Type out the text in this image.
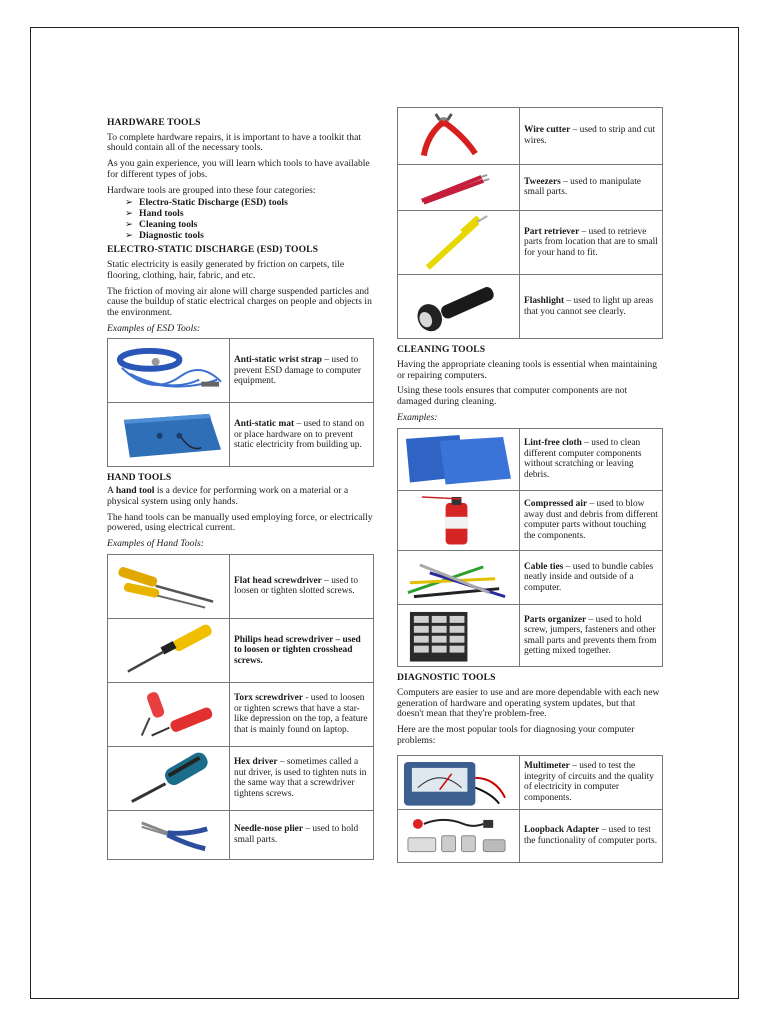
HARDWARE TOOLS

To complete hardware repairs, it is important to have a toolkit that should contain all of the necessary tools.

As you gain experience, you will learn which tools to have available for different types of jobs.

Hardware tools are grouped into these four categories:

➢ Electro-Static Discharge (ESD) tools
➢ Hand tools
➢ Cleaning tools
➢ Diagnostic tools
ELECTRO-STATIC DISCHARGE (ESD) TOOLS

Static electricity is easily generated by friction on carpets, tile flooring, clothing, hair, fabric, and etc.

The friction of moving air alone will charge suspended particles and cause the buildup of static electrical charges on people and objects in the environment.

Examples of ESD Tools:

	Anti-static wrist strap – used to prevent ESD damage to computer equipment.

	Anti-static mat – used to stand on or place hardware on to prevent static electricity from building up.
HAND TOOLS

A hand tool is a device for performing work on a material or a physical system using only hands.

The hand tools can be manually used employing force, or electrically powered, using electrical current.

Examples of Hand Tools:

	Flat head screwdriver – used to loosen or tighten slotted screws.

	Philips head screwdriver – used to loosen or tighten crosshead screws.

	Torx screwdriver - used to loosen or tighten screws that have a star-like depression on the top, a feature that is mainly found on laptop.

	Hex driver – sometimes called a nut driver, is used to tighten nuts in the same way that a screwdriver tightens screws.

	Needle-nose plier – used to hold small parts.
	Wire cutter – used to strip and cut wires.

	Tweezers – used to manipulate small parts.

	Part retriever – used to retrieve parts from location that are to small for your hand to fit.

	Flashlight – used to light up areas that you cannot see clearly.
CLEANING TOOLS

Having the appropriate cleaning tools is essential when maintaining or repairing computers.

Using these tools ensures that computer components are not damaged during cleaning.

Examples:

	Lint-free cloth – used to clean different computer components without scratching or leaving debris.

	Compressed air – used to blow away dust and debris from different computer parts without touching the components.

	Cable ties – used to bundle cables neatly inside and outside of a computer.

	Parts organizer – used to hold screw, jumpers, fasteners and other small parts and prevents them from getting mixed together.
DIAGNOSTIC TOOLS

Computers are easier to use and are more dependable with each new generation of hardware and operating system updates, but that doesn't mean that they're problem-free.

Here are the most popular tools for diagnosing your computer problems:

	Multimeter – used to test the integrity of circuits and the quality of electricity in computer components.

	Loopback Adapter – used to test the functionality of computer ports.
